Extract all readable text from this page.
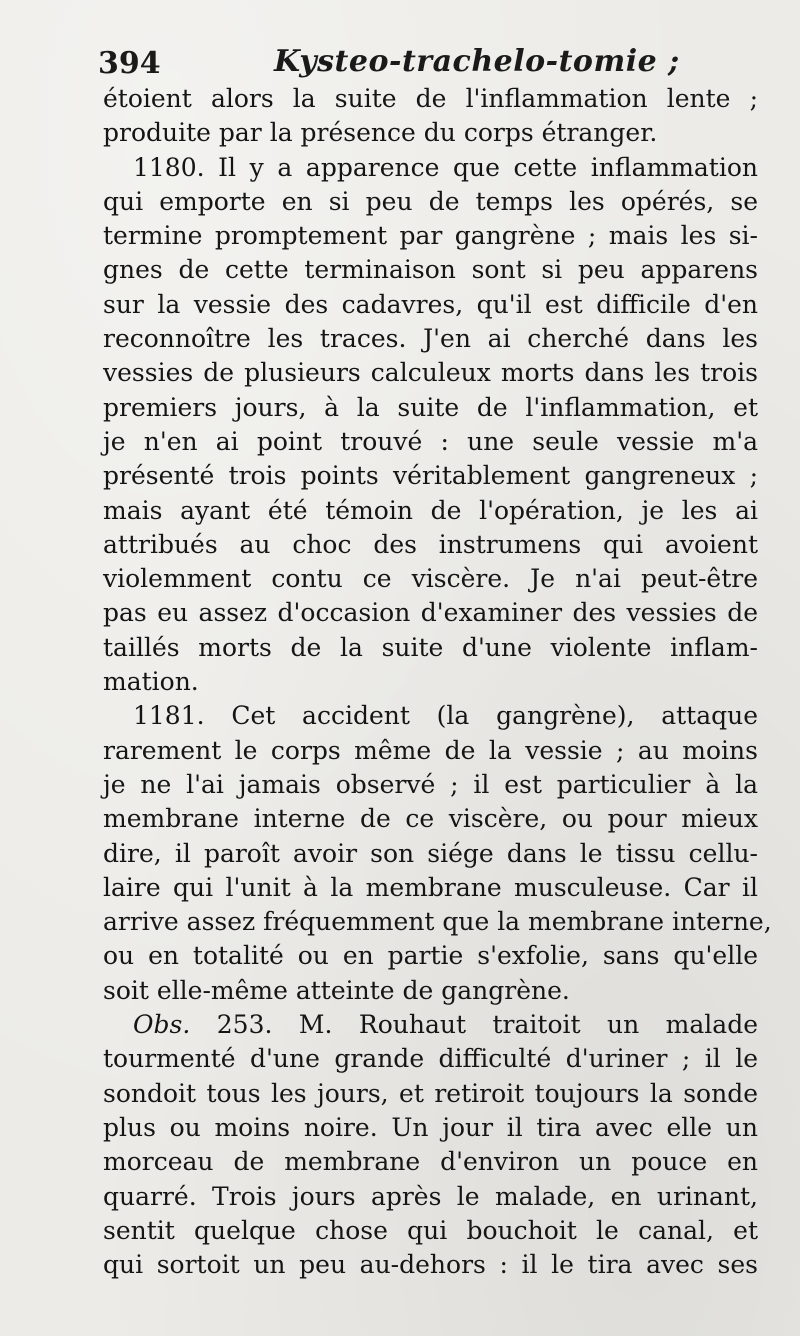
394	Kysteo-trachelo-tomie ;
étoient alors la suite de l'inflammation lente ;
produite par la présence du corps étranger.
1180. Il y a apparence que cette inflammation
qui emporte en si peu de temps les opérés, se
termine promptement par gangrène ; mais les si-
gnes de cette terminaison sont si peu apparens
sur la vessie des cadavres, qu'il est difficile d'en
reconnoître les traces. J'en ai cherché dans les
vessies de plusieurs calculeux morts dans les trois
premiers jours, à la suite de l'inflammation, et
je n'en ai point trouvé : une seule vessie m'a
présenté trois points véritablement gangreneux ;
mais ayant été témoin de l'opération, je les ai
attribués au choc des instrumens qui avoient
violemment contu ce viscère. Je n'ai peut-être
pas eu assez d'occasion d'examiner des vessies de
taillés morts de la suite d'une violente inflam-
mation.
1181. Cet accident (la gangrène), attaque
rarement le corps même de la vessie ; au moins
je ne l'ai jamais observé ; il est particulier à la
membrane interne de ce viscère, ou pour mieux
dire, il paroît avoir son siége dans le tissu cellu-
laire qui l'unit à la membrane musculeuse. Car il
arrive assez fréquemment que la membrane interne,
ou en totalité ou en partie s'exfolie, sans qu'elle
soit elle-même atteinte de gangrène.
Obs. 253. M. Rouhaut traitoit un malade
tourmenté d'une grande difficulté d'uriner ; il le
sondoit tous les jours, et retiroit toujours la sonde
plus ou moins noire. Un jour il tira avec elle un
morceau de membrane d'environ un pouce en
quarré. Trois jours après le malade, en urinant,
sentit quelque chose qui bouchoit le canal, et
qui sortoit un peu au-dehors : il le tira avec ses
